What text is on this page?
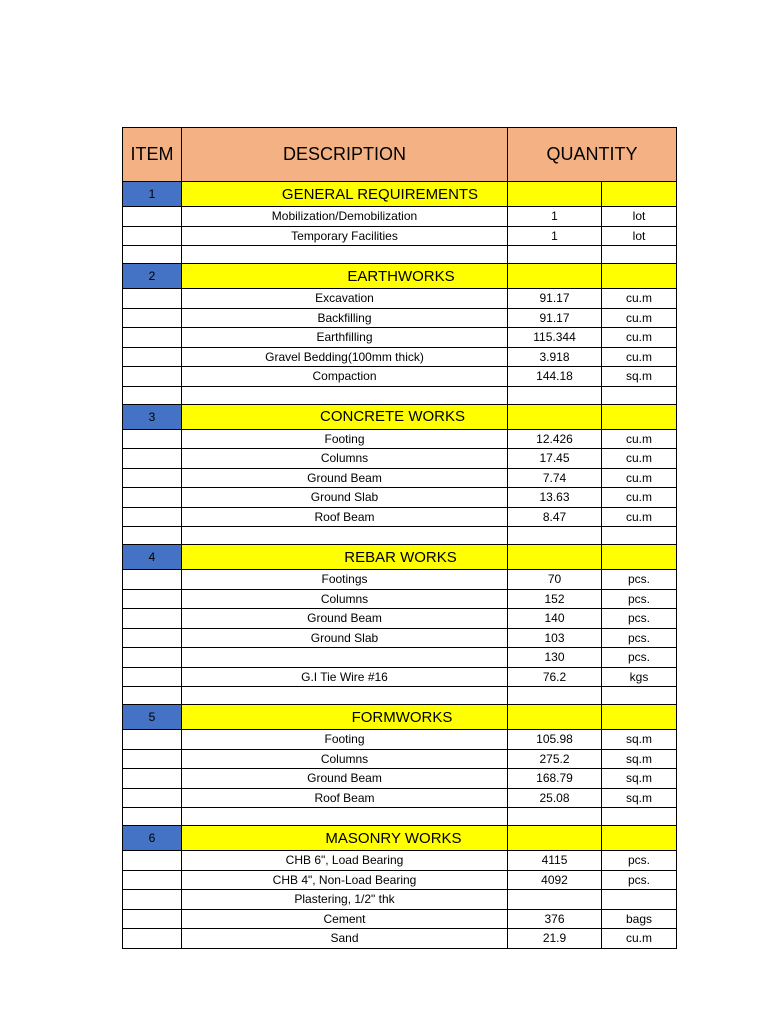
ITEM	DESCRIPTION	QUANTITY	
1	GENERAL REQUIREMENTS		
	Mobilization/Demobilization	1	lot
	Temporary Facilities	1	lot

2	EARTHWORKS		
	Excavation	91.17	cu.m
	Backfilling	91.17	cu.m
	Earthfilling	115.344	cu.m
	Gravel Bedding(100mm thick)	3.918	cu.m
	Compaction	144.18	sq.m

3	CONCRETE WORKS		
	Footing	12.426	cu.m
	Columns	17.45	cu.m
	Ground Beam	7.74	cu.m
	Ground Slab	13.63	cu.m
	Roof Beam	8.47	cu.m

4	REBAR WORKS		
	Footings	70	pcs.
	Columns	152	pcs.
	Ground Beam	140	pcs.
	Ground Slab	103	pcs.
		130	pcs.
	G.I Tie Wire #16	76.2	kgs

5	FORMWORKS		
	Footing	105.98	sq.m
	Columns	275.2	sq.m
	Ground Beam	168.79	sq.m
	Roof Beam	25.08	sq.m

6	MASONRY WORKS		
	CHB 6", Load Bearing	4115	pcs.
	CHB 4", Non-Load Bearing	4092	pcs.
	Plastering, 1/2" thk		
	Cement	376	bags
	Sand	21.9	cu.m
